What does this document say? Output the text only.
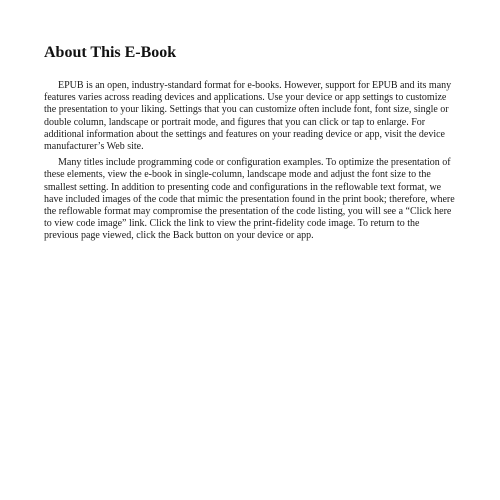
About This E-Book

EPUB is an open, industry-standard format for e-books. However, support for EPUB and its many features varies across reading devices and applications. Use your device or app settings to customize the presentation to your liking. Settings that you can customize often include font, font size, single or double column, landscape or portrait mode, and figures that you can click or tap to enlarge. For additional information about the settings and features on your reading device or app, visit the device manufacturer’s Web site.

Many titles include programming code or configuration examples. To optimize the presentation of these elements, view the e-book in single-column, landscape mode and adjust the font size to the smallest setting. In addition to presenting code and configurations in the reflowable text format, we have included images of the code that mimic the presentation found in the print book; therefore, where the reflowable format may compromise the presentation of the code listing, you will see a “Click here to view code image” link. Click the link to view the print-fidelity code image. To return to the previous page viewed, click the Back button on your device or app.
